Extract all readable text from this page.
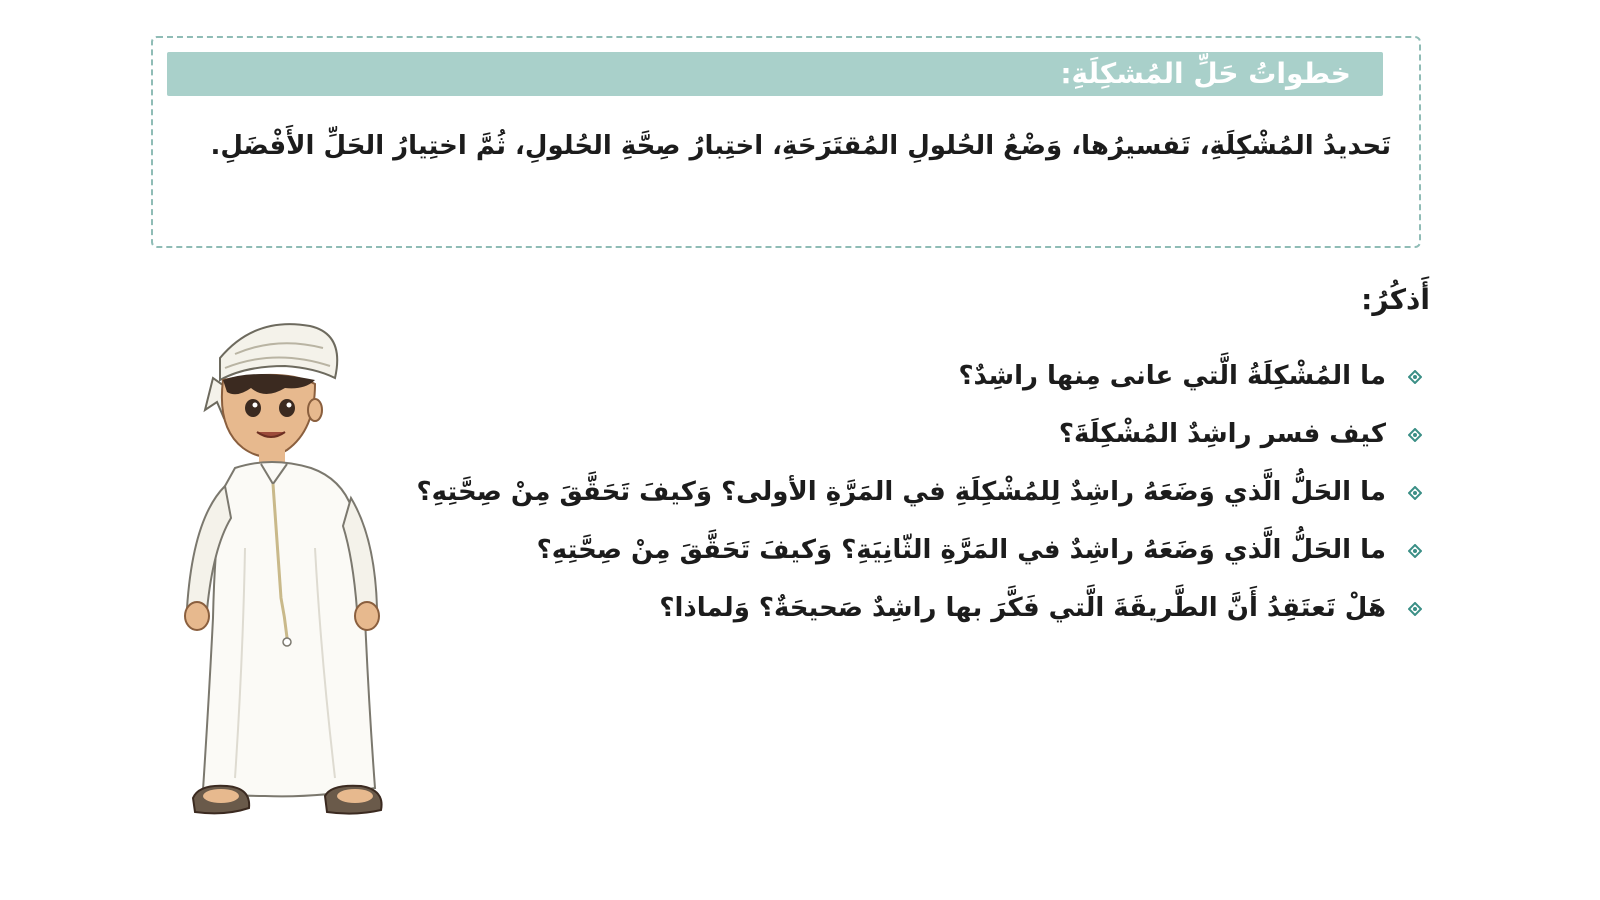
خطواتُ حَلِّ المُشكِلَةِ:
تَحديدُ المُشْكِلَةِ، تَفسيرُها، وَضْعُ الحُلولِ المُقتَرَحَةِ، اختِبارُ صِحَّةِ الحُلولِ، ثُمَّ اختِيارُ الحَلِّ الأَفْضَلِ.
أَذكُرُ:
ما المُشْكِلَةُ الَّتي عانى مِنها راشِدٌ؟
كيف فسر راشِدٌ المُشْكِلَةَ؟
ما الحَلُّ الَّذي وَضَعَهُ راشِدٌ لِلمُشْكِلَةِ في المَرَّةِ الأولى؟ وَكيفَ تَحَقَّقَ مِنْ صِحَّتِهِ؟
ما الحَلُّ الَّذي وَضَعَهُ راشِدٌ في المَرَّةِ الثّانِيَةِ؟ وَكيفَ تَحَقَّقَ مِنْ صِحَّتِهِ؟
هَلْ تَعتَقِدُ أَنَّ الطَّريقَةَ الَّتي فَكَّرَ بها راشِدٌ صَحيحَةٌ؟ وَلماذا؟
